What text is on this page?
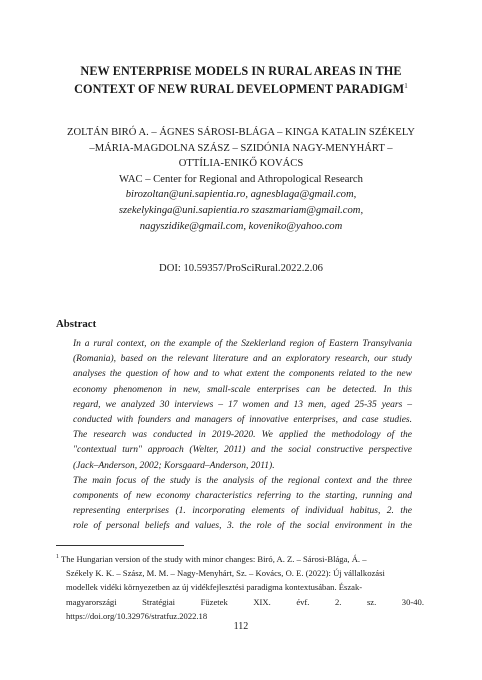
NEW ENTERPRISE MODELS IN RURAL AREAS IN THE
CONTEXT OF NEW RURAL DEVELOPMENT PARADIGM$^1$
ZOLTÁN BIRÓ A. – ÁGNES SÁROSI-BLÁGA – KINGA KATALIN SZÉKELY
–MÁRIA-MAGDOLNA SZÁSZ – SZIDÓNIA NAGY-MENYHÁRT –
OTTÍLIA-ENIKŐ KOVÁCS
WAC – Center for Regional and Athropological Research
birozoltan@uni.sapientia.ro, agnesblaga@gmail.com,
szekelykinga@uni.sapientia.ro szaszmariam@gmail.com,
nagyszidike@gmail.com, koveniko@yahoo.com

DOI: 10.59357/ProSciRural.2022.2.06

Abstract
In a rural context, on the example of the Szeklerland region of Eastern Transylvania
(Romania), based on the relevant literature and an exploratory research, our study
analyses the question of how and to what extent the components related to the new
economy phenomenon in new, small-scale enterprises can be detected. In this
regard, we analyzed 30 interviews – 17 women and 13 men, aged 25-35 years –
conducted with founders and managers of innovative enterprises, and case studies.
The research was conducted in 2019-2020. We applied the methodology of the
"contextual turn" approach (Welter, 2011) and the social constructive perspective
(Jack–Anderson, 2002; Korsgaard–Anderson, 2011).
The main focus of the study is the analysis of the regional context and the three
components of new economy characteristics referring to the starting, running and
representing enterprises (1. incorporating elements of individual habitus, 2. the
role of personal beliefs and values, 3. the role of the social environment in the
$^1$ The Hungarian version of the study with minor changes: Biró, A. Z. – Sárosi-Blága, Á. –
Székely K. K. – Szász, M. M. – Nagy-Menyhárt, Sz. – Kovács, O. E. (2022): Új vállalkozási
modellek vidéki környezetben az új vidékfejlesztési paradigma kontextusában. Észak-
magyarországi	Stratégiai	Füzetek	XIX.	évf.	2.	sz.	30-40.
https://doi.org/10.32976/stratfuz.2022.18

112
